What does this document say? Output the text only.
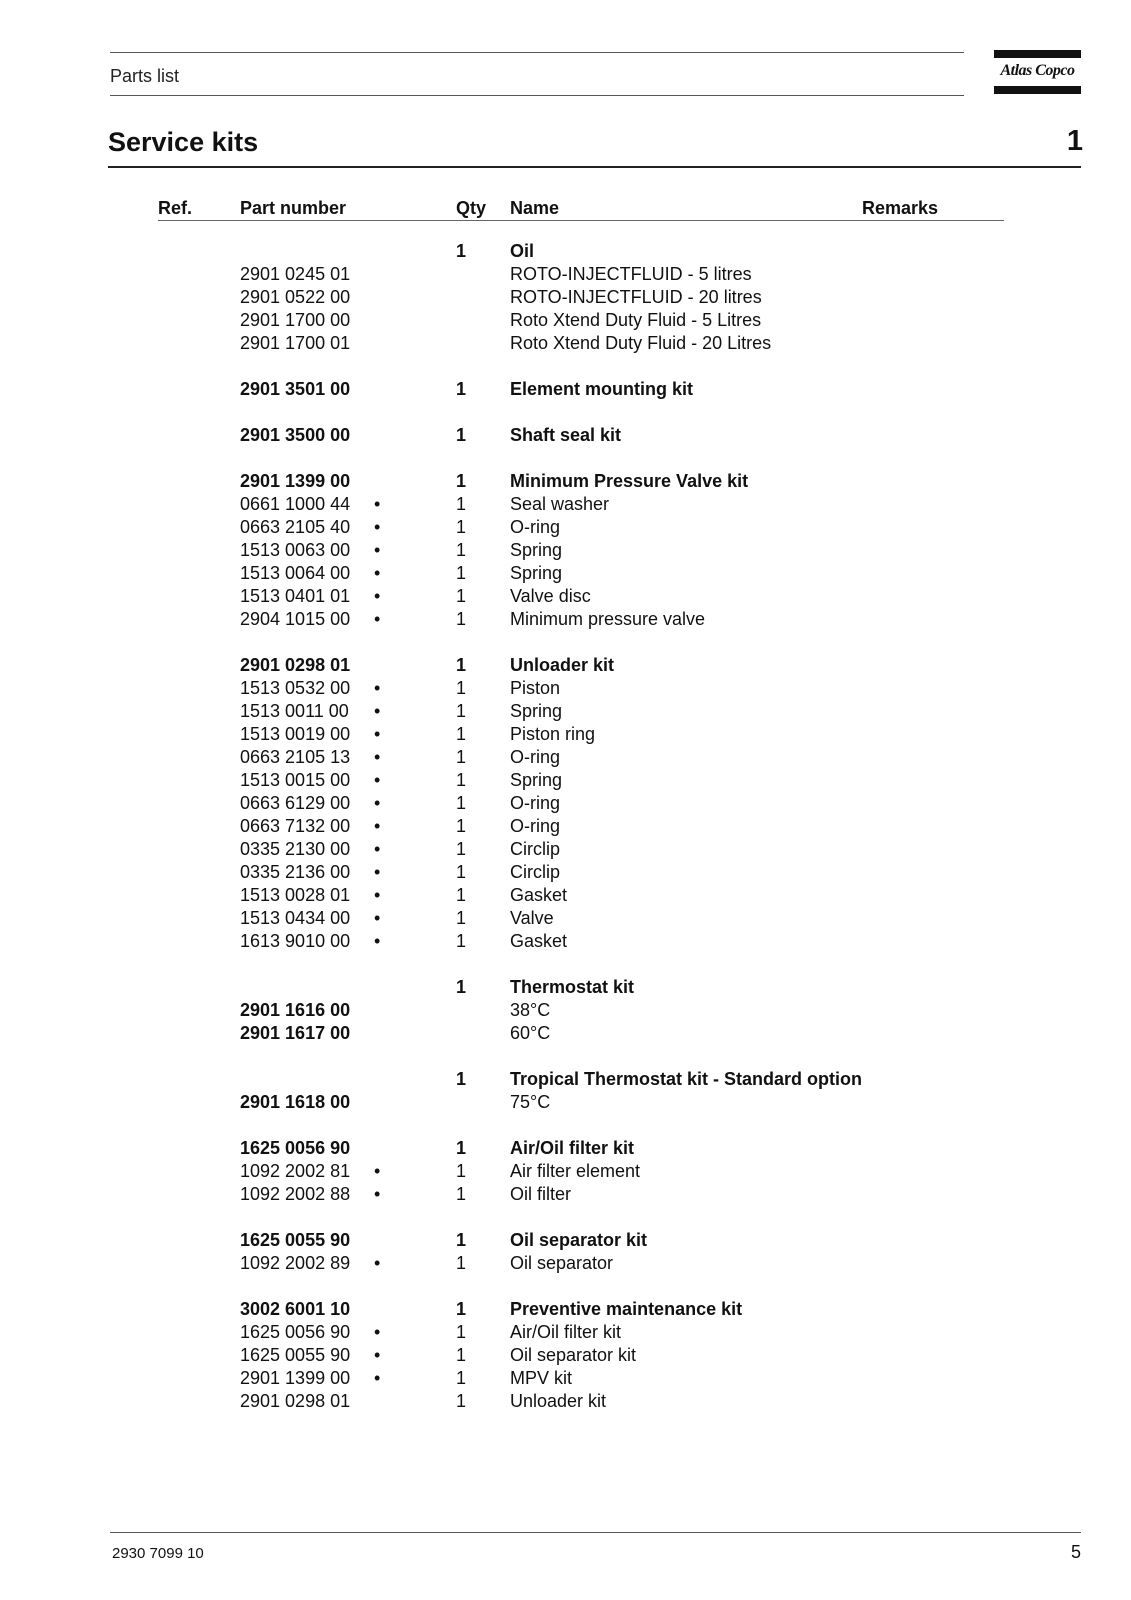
Parts list	Atlas Copco
Service kits	1
Ref.	Part number	Qty Name	Remarks
1 Oil
2901 0245 01	ROTO-INJECTFLUID - 5 litres
2901 0522 00	ROTO-INJECTFLUID - 20 litres
2901 1700 00	Roto Xtend Duty Fluid - 5 Litres
2901 1700 01	Roto Xtend Duty Fluid - 20 Litres
2901 3501 00	1 Element mounting kit
2901 3500 00	1 Shaft seal kit
2901 1399 00	1 Minimum Pressure Valve kit
0661 1000 44 •	1 Seal washer
0663 2105 40 •	1 O-ring
1513 0063 00 •	1 Spring
1513 0064 00 •	1 Spring
1513 0401 01 •	1 Valve disc
2904 1015 00 •	1 Minimum pressure valve
2901 0298 01	1 Unloader kit
1513 0532 00 •	1 Piston
1513 0011 00 •	1 Spring
1513 0019 00 •	1 Piston ring
0663 2105 13 •	1 O-ring
1513 0015 00 •	1 Spring
0663 6129 00 •	1 O-ring
0663 7132 00 •	1 O-ring
0335 2130 00 •	1 Circlip
0335 2136 00 •	1 Circlip
1513 0028 01 •	1 Gasket
1513 0434 00 •	1 Valve
1613 9010 00 •	1 Gasket
1 Thermostat kit
2901 1616 00	38°C
2901 1617 00	60°C
1 Tropical Thermostat kit - Standard option
2901 1618 00	75°C
1625 0056 90	1 Air/Oil filter kit
1092 2002 81 •	1 Air filter element
1092 2002 88 •	1 Oil filter
1625 0055 90	1 Oil separator kit
1092 2002 89 •	1 Oil separator
3002 6001 10	1 Preventive maintenance kit
1625 0056 90 •	1 Air/Oil filter kit
1625 0055 90 •	1 Oil separator kit
2901 1399 00 •	1 MPV kit
2901 0298 01	1 Unloader kit
2930 7099 10	5
